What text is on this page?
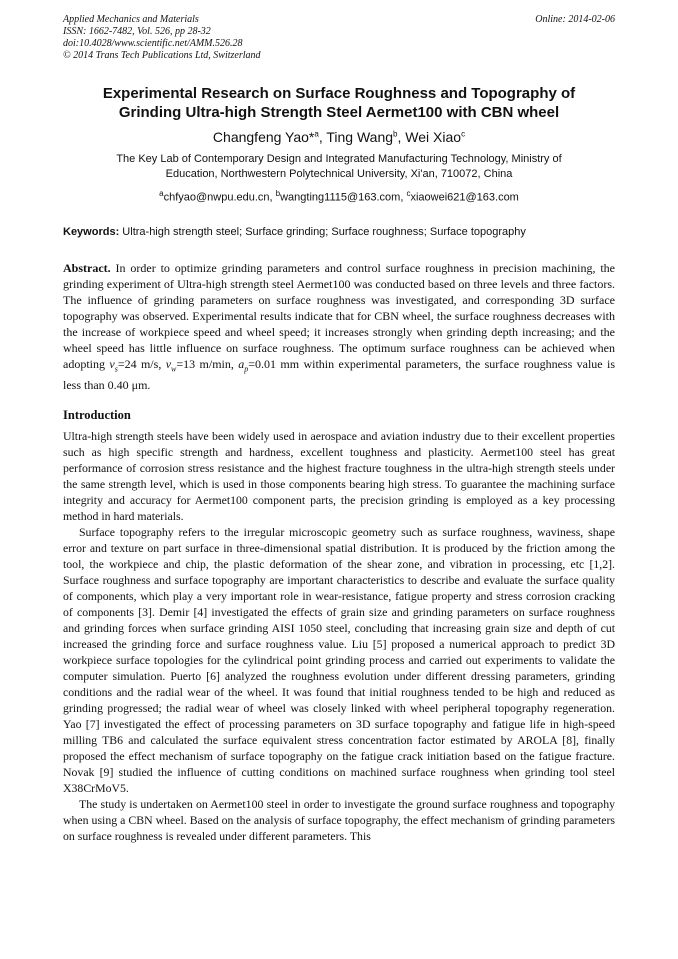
Applied Mechanics and Materials
ISSN: 1662-7482, Vol. 526, pp 28-32
doi:10.4028/www.scientific.net/AMM.526.28
© 2014 Trans Tech Publications Ltd, Switzerland
Online: 2014-02-06
Experimental Research on Surface Roughness and Topography of
Grinding Ultra-high Strength Steel Aermet100 with CBN wheel
Changfeng Yao*$^a$, Ting Wang$^b$, Wei Xiao$^c$
The Key Lab of Contemporary Design and Integrated Manufacturing Technology, Ministry of
Education, Northwestern Polytechnical University, Xi'an, 710072, China
$^a$chfyao@nwpu.edu.cn, $^b$wangting1115@163.com, $^c$xiaowei621@163.com
Keywords: Ultra-high strength steel; Surface grinding; Surface roughness; Surface topography
Abstract. In order to optimize grinding parameters and control surface roughness in precision machining, the grinding experiment of Ultra-high strength steel Aermet100 was conducted based on three levels and three factors. The influence of grinding parameters on surface roughness was investigated, and corresponding 3D surface topography was observed. Experimental results indicate that for CBN wheel, the surface roughness decreases with the increase of workpiece speed and wheel speed; it increases strongly when grinding depth increasing; and the wheel speed has little influence on surface roughness. The optimum surface roughness can be achieved when adopting $v_s=24$ m/s, $v_w=13$ m/min, $a_p=0.01$ mm within experimental parameters, the surface roughness value is less than 0.40 μm.
Introduction

Ultra-high strength steels have been widely used in aerospace and aviation industry due to their excellent properties such as high specific strength and hardness, excellent toughness and plasticity. Aermet100 steel has great performance of corrosion stress resistance and the highest fracture toughness in the ultra-high strength steels under the same strength level, which is used in those components bearing high stress. To guarantee the machining surface integrity and accuracy for Aermet100 component parts, the precision grinding is employed as a key processing method in hard materials.

Surface topography refers to the irregular microscopic geometry such as surface roughness, waviness, shape error and texture on part surface in three-dimensional spatial distribution. It is produced by the friction among the tool, the workpiece and chip, the plastic deformation of the shear zone, and vibration in processing, etc [1,2]. Surface roughness and surface topography are important characteristics to describe and evaluate the surface quality of components, which play a very important role in wear-resistance, fatigue property and stress corrosion cracking of components [3]. Demir [4] investigated the effects of grain size and grinding parameters on surface roughness and grinding forces when surface grinding AISI 1050 steel, concluding that increasing grain size and depth of cut increased the grinding force and surface roughness value. Liu [5] proposed a numerical approach to predict 3D workpiece surface topologies for the cylindrical point grinding process and carried out experiments to validate the computer simulation. Puerto [6] analyzed the roughness evolution under different dressing parameters, grinding conditions and the radial wear of the wheel. It was found that initial roughness tended to be high and reduced as grinding progressed; the radial wear of wheel was closely linked with wheel peripheral topography regeneration. Yao [7] investigated the effect of processing parameters on 3D surface topography and fatigue life in high-speed milling TB6 and calculated the surface equivalent stress concentration factor estimated by AROLA [8], finally proposed the effect mechanism of surface topography on the fatigue crack initiation based on the fatigue fracture. Novak [9] studied the influence of cutting conditions on machined surface roughness when grinding tool steel X38CrMoV5.

The study is undertaken on Aermet100 steel in order to investigate the ground surface roughness and topography when using a CBN wheel. Based on the analysis of surface topography, the effect mechanism of grinding parameters on surface roughness is revealed under different parameters. This
